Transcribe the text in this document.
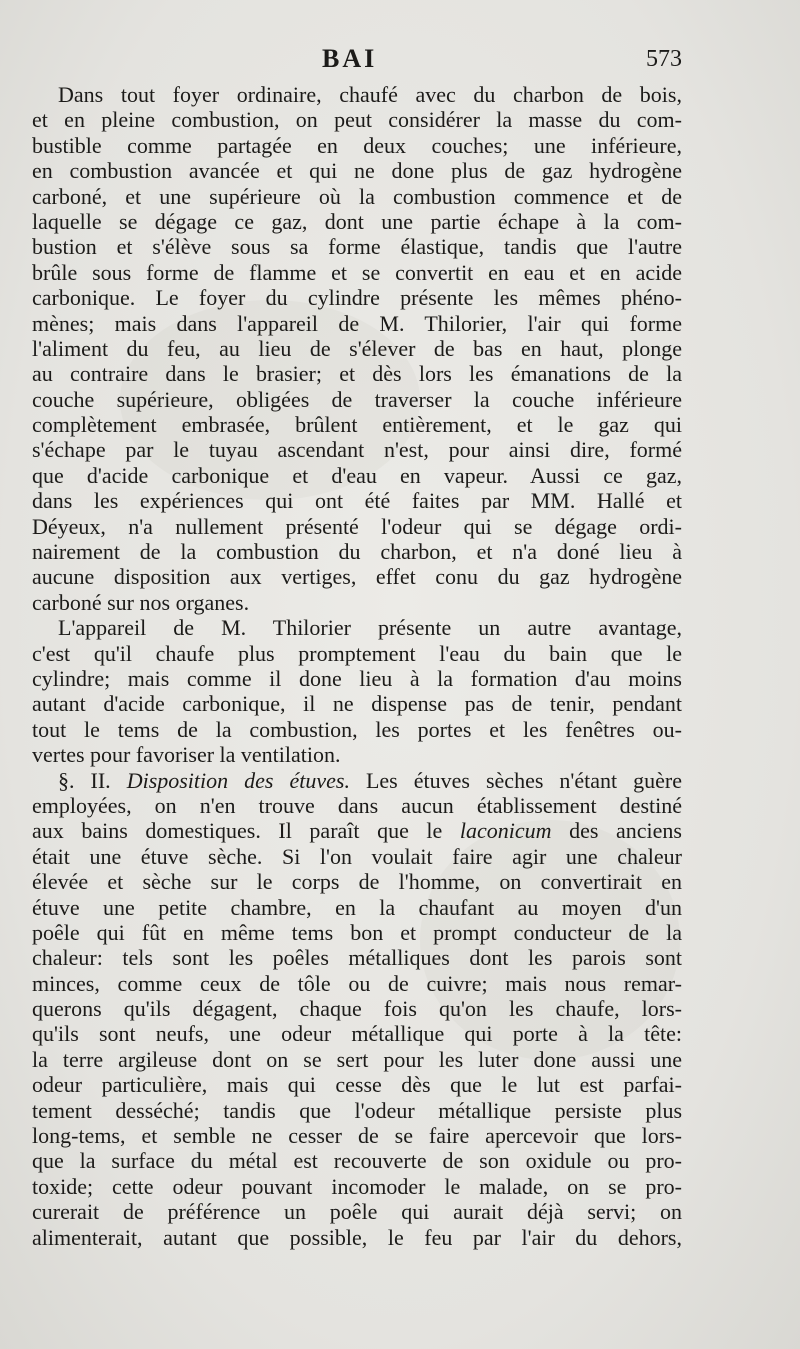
BAI	573
Dans tout foyer ordinaire, chaufé avec du charbon de bois,
et en pleine combustion, on peut considérer la masse du com-
bustible comme partagée en deux couches; une inférieure,
en combustion avancée et qui ne done plus de gaz hydrogène
carboné, et une supérieure où la combustion commence et de
laquelle se dégage ce gaz, dont une partie échape à la com-
bustion et s'élève sous sa forme élastique, tandis que l'autre
brûle sous forme de flamme et se convertit en eau et en acide
carbonique. Le foyer du cylindre présente les mêmes phéno-
mènes; mais dans l'appareil de M. Thilorier, l'air qui forme
l'aliment du feu, au lieu de s'élever de bas en haut, plonge
au contraire dans le brasier; et dès lors les émanations de la
couche supérieure, obligées de traverser la couche inférieure
complètement embrasée, brûlent entièrement, et le gaz qui
s'échape par le tuyau ascendant n'est, pour ainsi dire, formé
que d'acide carbonique et d'eau en vapeur. Aussi ce gaz,
dans les expériences qui ont été faites par MM. Hallé et
Déyeux, n'a nullement présenté l'odeur qui se dégage ordi-
nairement de la combustion du charbon, et n'a doné lieu à
aucune disposition aux vertiges, effet conu du gaz hydrogène
carboné sur nos organes.
L'appareil de M. Thilorier présente un autre avantage,
c'est qu'il chaufe plus promptement l'eau du bain que le
cylindre; mais comme il done lieu à la formation d'au moins
autant d'acide carbonique, il ne dispense pas de tenir, pendant
tout le tems de la combustion, les portes et les fenêtres ou-
vertes pour favoriser la ventilation.
§. II. Disposition des étuves. Les étuves sèches n'étant guère
employées, on n'en trouve dans aucun établissement destiné
aux bains domestiques. Il paraît que le laconicum des anciens
était une étuve sèche. Si l'on voulait faire agir une chaleur
élevée et sèche sur le corps de l'homme, on convertirait en
étuve une petite chambre, en la chaufant au moyen d'un
poêle qui fût en même tems bon et prompt conducteur de la
chaleur: tels sont les poêles métalliques dont les parois sont
minces, comme ceux de tôle ou de cuivre; mais nous remar-
querons qu'ils dégagent, chaque fois qu'on les chaufe, lors-
qu'ils sont neufs, une odeur métallique qui porte à la tête:
la terre argileuse dont on se sert pour les luter done aussi une
odeur particulière, mais qui cesse dès que le lut est parfai-
tement desséché; tandis que l'odeur métallique persiste plus
long-tems, et semble ne cesser de se faire apercevoir que lors-
que la surface du métal est recouverte de son oxidule ou pro-
toxide; cette odeur pouvant incomoder le malade, on se pro-
curerait de préférence un poêle qui aurait déjà servi; on
alimenterait, autant que possible, le feu par l'air du dehors,
